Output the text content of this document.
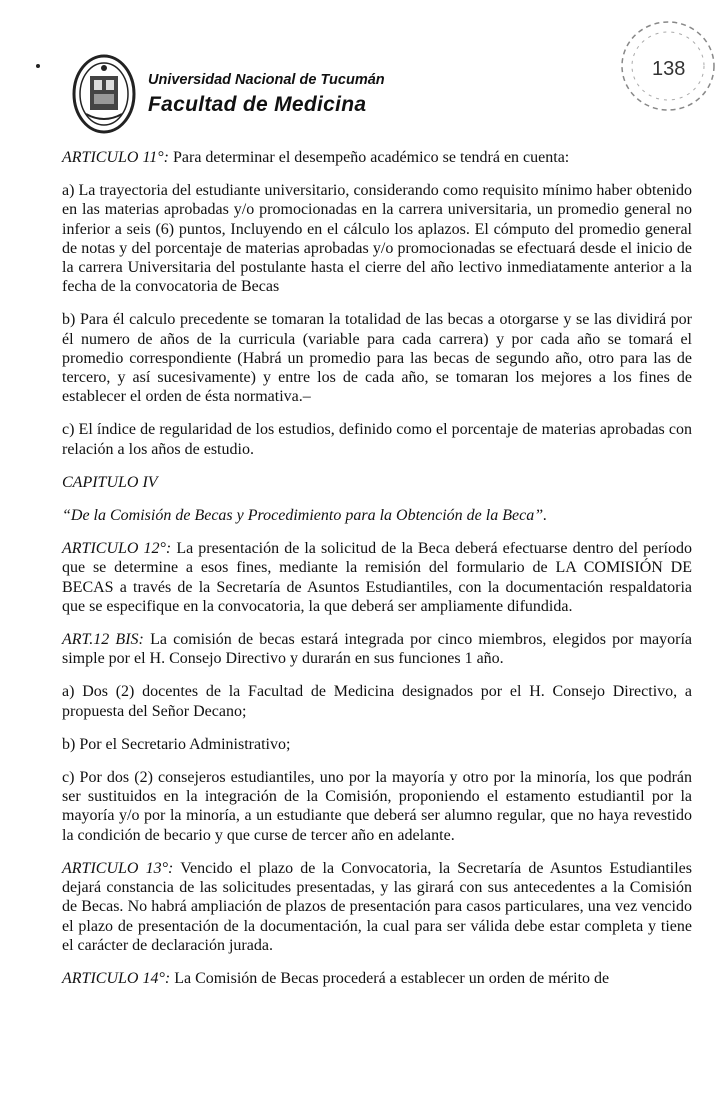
Universidad Nacional de Tucumán
Facultad de Medicina
138

ARTICULO 11°: Para determinar el desempeño académico se tendrá en cuenta:

a) La trayectoria del estudiante universitario, considerando como requisito mínimo haber obtenido en las materias aprobadas y/o promocionadas en la carrera universitaria, un promedio general no inferior a seis (6) puntos, Incluyendo en el cálculo los aplazos. El cómputo del promedio general de notas y del porcentaje de materias aprobadas y/o promocionadas se efectuará desde el inicio de la carrera Universitaria del postulante hasta el cierre del año lectivo inmediatamente anterior a la fecha de la convocatoria de Becas

b) Para él calculo precedente se tomaran la totalidad de las becas a otorgarse y se las dividirá por él numero de años de la curricula (variable para cada carrera) y por cada año se tomará el promedio correspondiente (Habrá un promedio para las becas de segundo año, otro para las de tercero, y así sucesivamente) y entre los de cada año, se tomaran los mejores a los fines de establecer el orden de ésta normativa.–

c) El índice de regularidad de los estudios, definido como el porcentaje de materias aprobadas con relación a los años de estudio.

CAPITULO IV

“De la Comisión de Becas y Procedimiento para la Obtención de la Beca”.

ARTICULO 12°: La presentación de la solicitud de la Beca deberá efectuarse dentro del período que se determine a esos fines, mediante la remisión del formulario de LA COMISIÓN DE BECAS a través de la Secretaría de Asuntos Estudiantiles, con la documentación respaldatoria que se especifique en la convocatoria, la que deberá ser ampliamente difundida.

ART.12 BIS: La comisión de becas estará integrada por cinco miembros, elegidos por mayoría simple por el H. Consejo Directivo y durarán en sus funciones 1 año.

a) Dos (2) docentes de la Facultad de Medicina designados por el H. Consejo Directivo, a propuesta del Señor Decano;

b) Por el Secretario Administrativo;

c) Por dos (2) consejeros estudiantiles, uno por la mayoría y otro por la minoría, los que podrán ser sustituidos en la integración de la Comisión, proponiendo el estamento estudiantil por la mayoría y/o por la minoría, a un estudiante que deberá ser alumno regular, que no haya revestido la condición de becario y que curse de tercer año en adelante.

ARTICULO 13°: Vencido el plazo de la Convocatoria, la Secretaría de Asuntos Estudiantiles dejará constancia de las solicitudes presentadas, y las girará con sus antecedentes a la Comisión de Becas. No habrá ampliación de plazos de presentación para casos particulares, una vez vencido el plazo de presentación de la documentación, la cual para ser válida debe estar completa y tiene el carácter de declaración jurada.

ARTICULO 14°: La Comisión de Becas procederá a establecer un orden de mérito de
